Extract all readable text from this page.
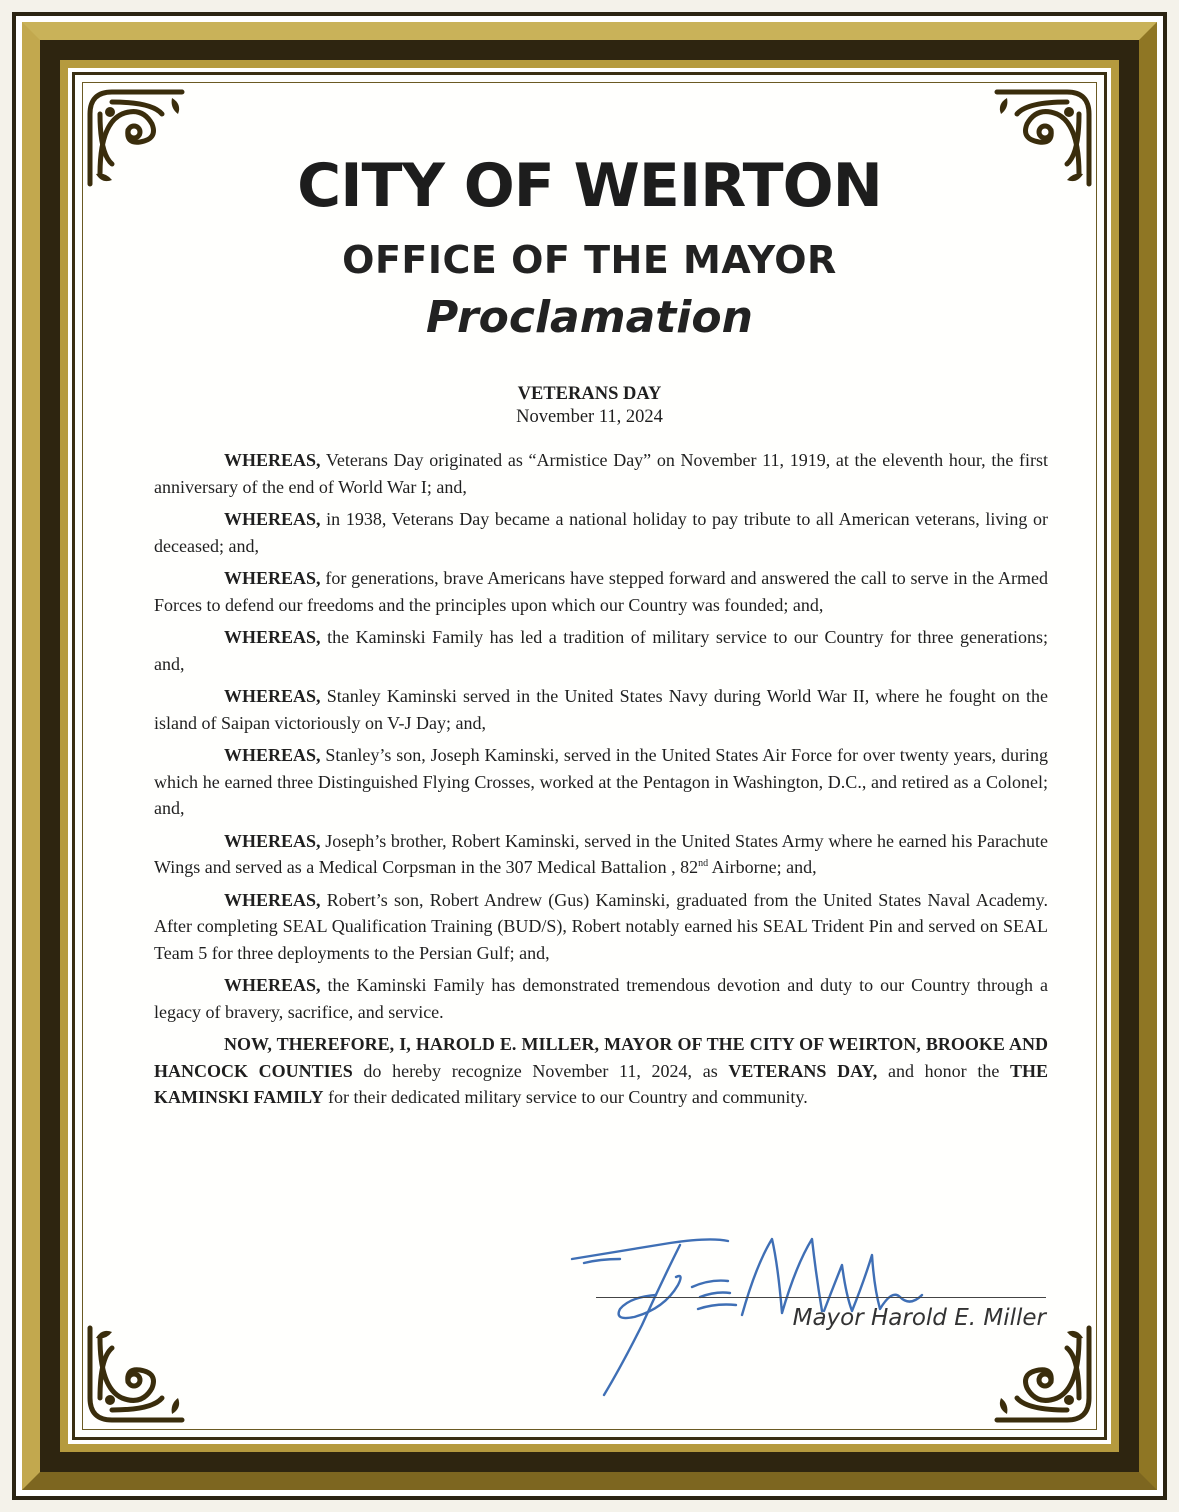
CITY OF WEIRTON
OFFICE OF THE MAYOR
Proclamation
VETERANS DAY
November 11, 2024

WHEREAS, Veterans Day originated as “Armistice Day” on November 11, 1919, at the eleventh hour, the first anniversary of the end of World War I; and,

WHEREAS, in 1938, Veterans Day became a national holiday to pay tribute to all American veterans, living or deceased; and,

WHEREAS, for generations, brave Americans have stepped forward and answered the call to serve in the Armed Forces to defend our freedoms and the principles upon which our Country was founded; and,

WHEREAS, the Kaminski Family has led a tradition of military service to our Country for three generations; and,

WHEREAS, Stanley Kaminski served in the United States Navy during World War II, where he fought on the island of Saipan victoriously on V-J Day; and,

WHEREAS, Stanley’s son, Joseph Kaminski, served in the United States Air Force for over twenty years, during which he earned three Distinguished Flying Crosses, worked at the Pentagon in Washington, D.C., and retired as a Colonel; and,

WHEREAS, Joseph’s brother, Robert Kaminski, served in the United States Army where he earned his Parachute Wings and served as a Medical Corpsman in the 307 Medical Battalion , 82nd Airborne; and,

WHEREAS, Robert’s son, Robert Andrew (Gus) Kaminski, graduated from the United States Naval Academy. After completing SEAL Qualification Training (BUD/S), Robert notably earned his SEAL Trident Pin and served on SEAL Team 5 for three deployments to the Persian Gulf; and,

WHEREAS, the Kaminski Family has demonstrated tremendous devotion and duty to our Country through a legacy of bravery, sacrifice, and service.

NOW, THEREFORE, I, HAROLD E. MILLER, MAYOR OF THE CITY OF WEIRTON, BROOKE AND HANCOCK COUNTIES do hereby recognize November 11, 2024, as VETERANS DAY, and honor the THE KAMINSKI FAMILY for their dedicated military service to our Country and community.

Mayor Harold E. Miller
